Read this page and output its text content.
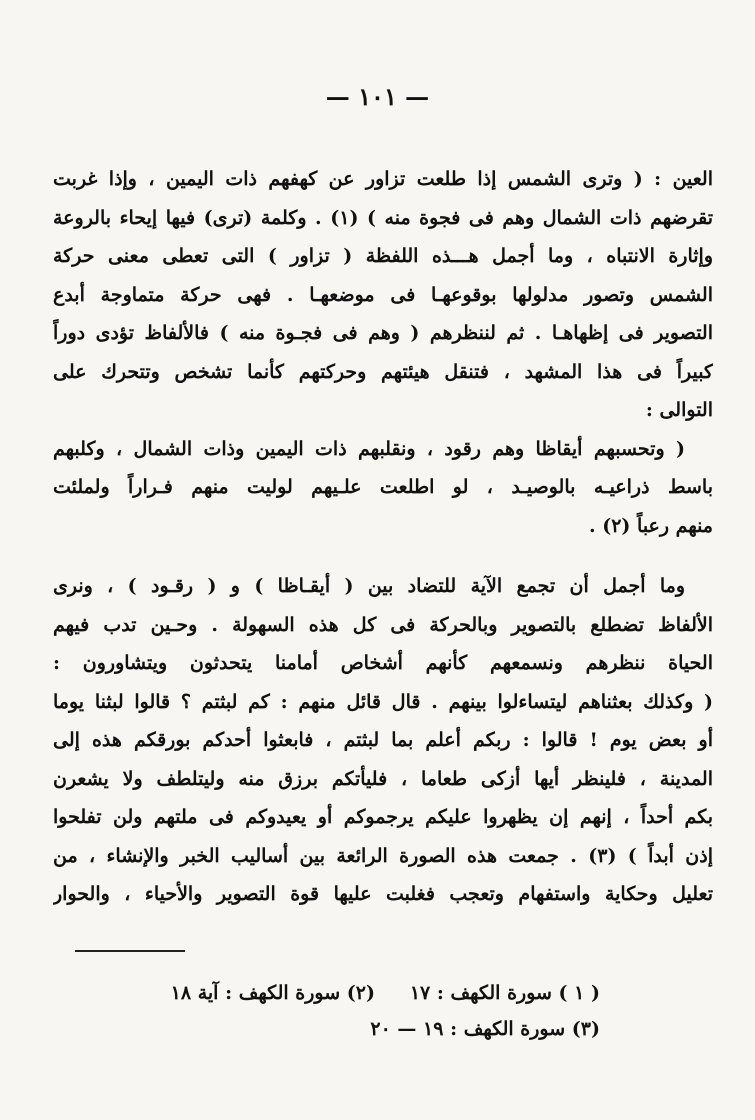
— ١٠١ —
العين : ( وترى الشمس إذا طلعت تزاور عن كهفهم ذات اليمين ، وإذا غربت
تقرضهم ذات الشمال وهم فى فجوة منه ) (١) . وكلمة (ترى) فيها إيحاء بالروعة
وإثارة الانتباه ، وما أجمل هـــذه اللفظة ( تزاور ) التى تعطى معنى حركة
الشمس وتصور مدلولها بوقوعهـا فى موضعهـا . فهى حركة متماوجة أبدع
التصوير فى إظهاهـا . ثم لننظرهم ( وهم فى فجـوة منه ) فالألفاظ تؤدى دوراً
كبيراً فى هذا المشهد ، فتنقل هيئتهم وحركتهم كأنما تشخص وتتحرك على
التوالى :
( وتحسبهم أيقاظا وهم رقود ، ونقلبهم ذات اليمين وذات الشمال ، وكلبهم
باسط ذراعيـه بالوصيـد ، لو اطلعت علـيهم لوليت منهم فـراراً ولملئت
منهم رعباً (٢) .
وما أجمل أن تجمع الآية للتضاد بين ( أيقـاظا ) و ( رقـود ) ، ونرى
الألفاظ تضطلع بالتصوير وبالحركة فى كل هذه السهولة . وحـين تدب فيهم
الحياة ننظرهم ونسمعهم كأنهم أشخاص أمامنا يتحدثون ويتشاورون :
( وكذلك بعثناهم ليتساءلوا بينهم . قال قائل منهم : كم لبثتم ؟ قالوا لبثنا يوما
أو بعض يوم ! قالوا : ربكم أعلم بما لبثتم ، فابعثوا أحدكم بورقكم هذه إلى
المدينة ، فلينظر أيها أزكى طعاما ، فليأتكم برزق منه وليتلطف ولا يشعرن
بكم أحداً ، إنهم إن يظهروا عليكم يرجموكم أو يعيدوكم فى ملتهم ولن تفلحوا
إذن أبداً ) (٣) . جمعت هذه الصورة الرائعة بين أساليب الخبر والإنشاء ، من
تعليل وحكاية واستفهام وتعجب فغلبت عليها قوة التصوير والأحياء ، والحوار
( ١ ) سورة الكهف : ١٧
(٢) سورة الكهف : آية ١٨
(٣) سورة الكهف : ١٩ — ٢٠
